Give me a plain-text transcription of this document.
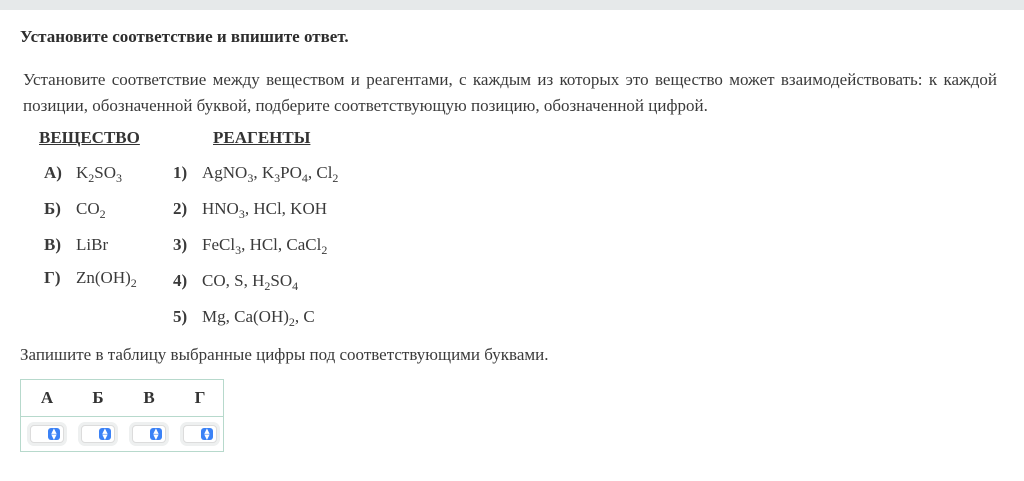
Установите соответствие и впишите ответ.
Установите соответствие между веществом и реагентами, с каждым из которых это вещество может взаимодействовать: к каждой позиции, обозначенной буквой, подберите соответствующую позицию, обозначенной цифрой.
ВЕЩЕСТВО	РЕАГЕНТЫ
А) $K_2SO_3$
Б) $CO_2$
В) LiBr
Г) $Zn(OH)_2$
1) AgNO$_3$, $K_3PO_4$, $Cl_2$
2) $HNO_3$, HCl, KOH
3) FeCl$_3$, HCl, CaCl$_2$
4) CO, S, $H_2SO_4$
5) Mg, $Ca(OH)_2$, C
Запишите в таблицу выбранные цифры под соответствующими буквами.
А	Б	В	Г
▲
▼
▲
▼
▲
▼
▲
▼
